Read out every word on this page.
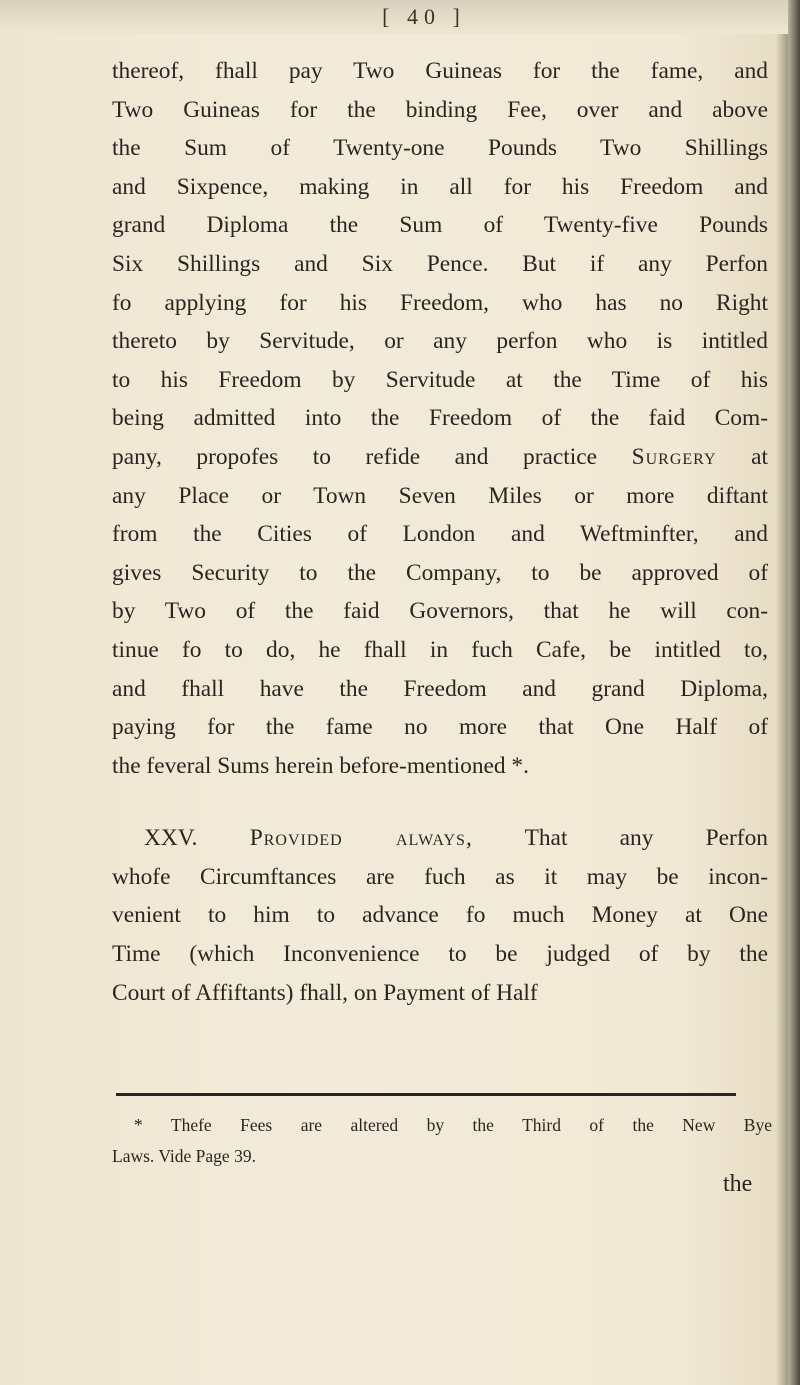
[ 40 ]
thereof, fhall pay Two Guineas for the fame, and
Two Guineas for the binding Fee, over and above
the Sum of Twenty-one Pounds Two Shillings
and Sixpence, making in all for his Freedom and
grand Diploma the Sum of Twenty-five Pounds
Six Shillings and Six Pence. But if any Perfon
fo applying for his Freedom, who has no Right
thereto by Servitude, or any perfon who is intitled
to his Freedom by Servitude at the Time of his
being admitted into the Freedom of the faid Com-
pany, propofes to refide and practice Surgery at
any Place or Town Seven Miles or more diftant
from the Cities of London and Weftminfter, and
gives Security to the Company, to be approved of
by Two of the faid Governors, that he will con-
tinue fo to do, he fhall in fuch Cafe, be intitled to,
and fhall have the Freedom and grand Diploma,
paying for the fame no more that One Half of
the feveral Sums herein before-mentioned *.
XXV. Provided always, That any Perfon
whofe Circumftances are fuch as it may be incon-
venient to him to advance fo much Money at One
Time (which Inconvenience to be judged of by the
Court of Affiftants) fhall, on Payment of Half
* Thefe Fees are altered by the Third of the New Bye
Laws. Vide Page 39.
the
